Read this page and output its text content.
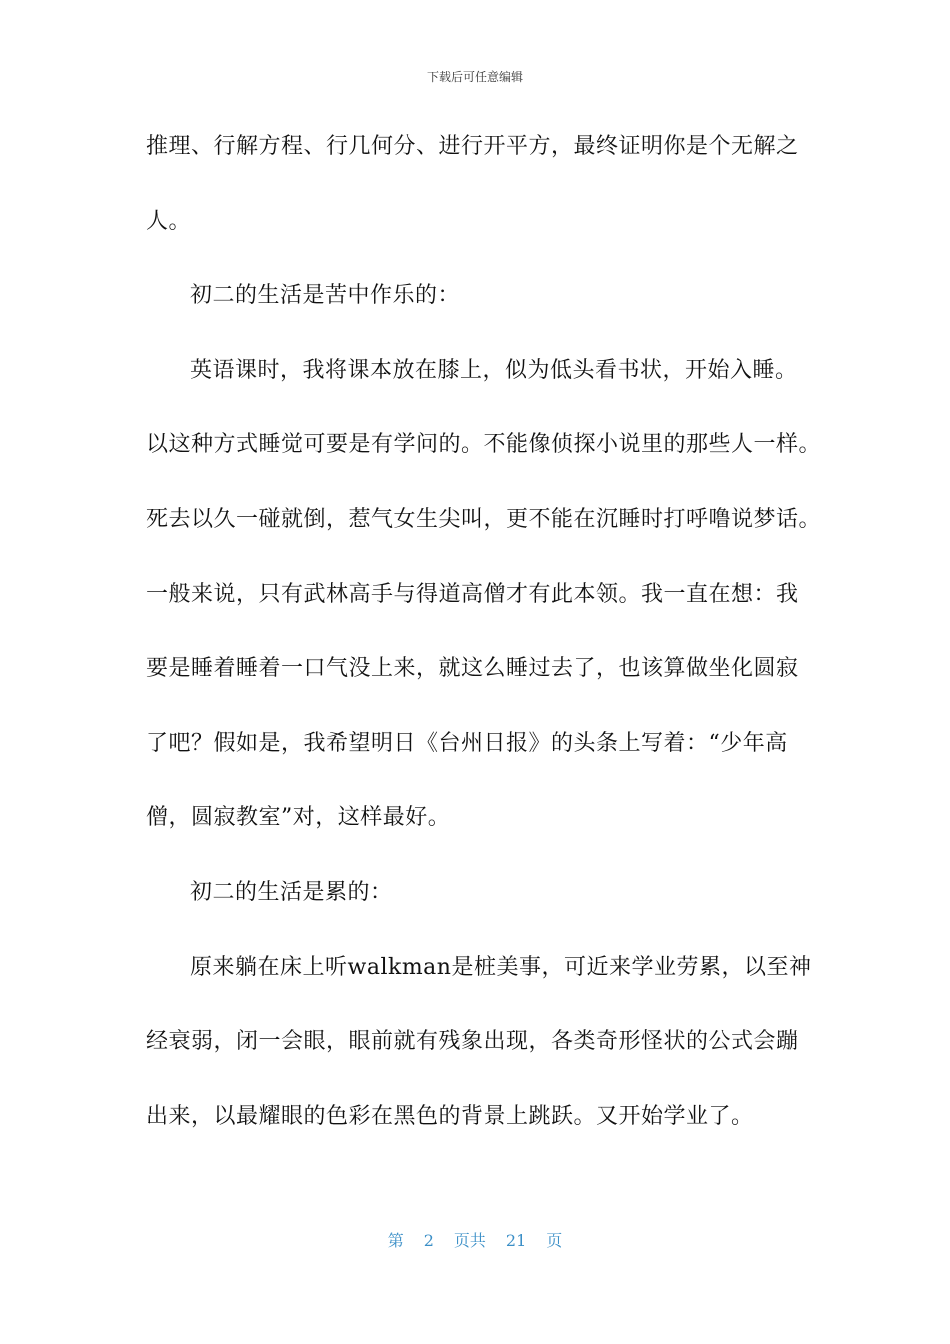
下载后可任意编辑
推理、行解方程、行几何分、进行开平方，最终证明你是个无解之
人。
初二的生活是苦中作乐的：
英语课时，我将课本放在膝上，似为低头看书状，开始入睡。
以这种方式睡觉可要是有学问的。不能像侦探小说里的那些人一样。
死去以久一碰就倒，惹气女生尖叫，更不能在沉睡时打呼噜说梦话。
一般来说，只有武林高手与得道高僧才有此本领。我一直在想：我
要是睡着睡着一口气没上来，就这么睡过去了，也该算做坐化圆寂
了吧？假如是，我希望明日《台州日报》的头条上写着：“少年高
僧，圆寂教室”对，这样最好。
初二的生活是累的：
原来躺在床上听walkman是桩美事，可近来学业劳累，以至神
经衰弱，闭一会眼，眼前就有残象出现，各类奇形怪状的公式会蹦
出来，以最耀眼的色彩在黑色的背景上跳跃。又开始学业了。
第 2 页共 21 页
